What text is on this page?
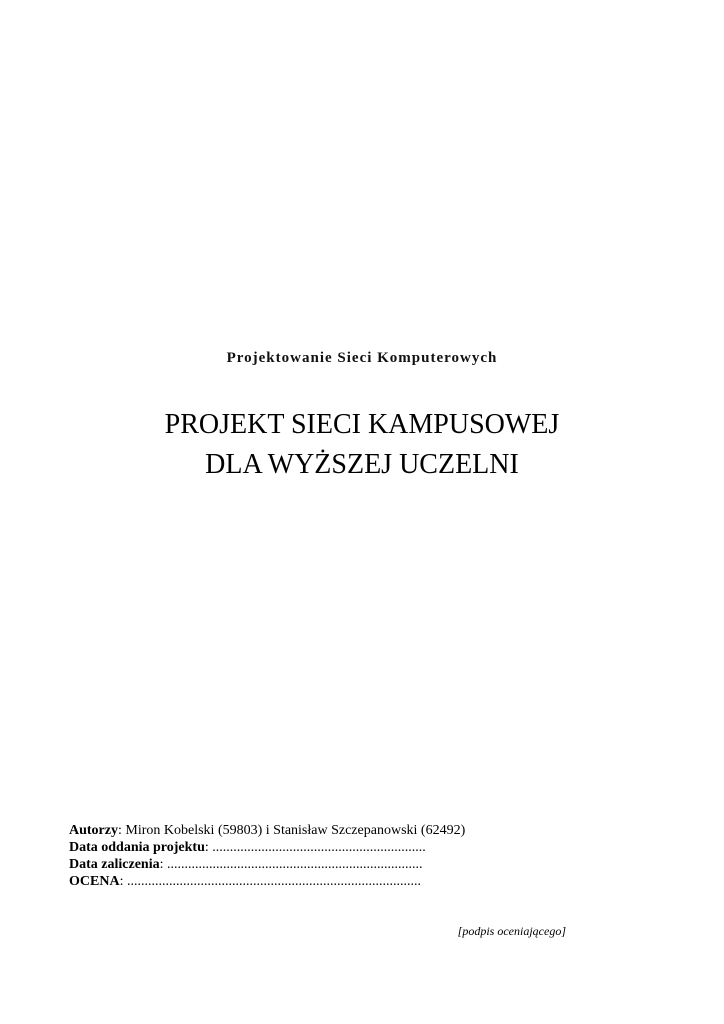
Projektowanie Sieci Komputerowych
PROJEKT SIECI KAMPUSOWEJ
DLA WYŻSZEJ UCZELNI
Autorzy: Miron Kobelski (59803) i Stanisław Szczepanowski (62492)
Data oddania projektu: .............................................................
Data zaliczenia: .........................................................................
OCENA: ....................................................................................
[podpis oceniającego]
